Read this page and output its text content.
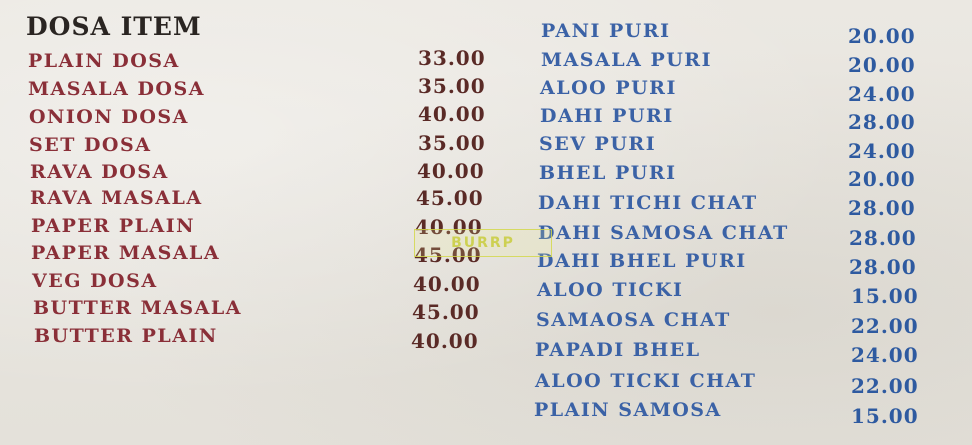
DOSA ITEM
PLAIN DOSA	33.00
MASALA DOSA	35.00
ONION DOSA	40.00
SET DOSA	35.00
RAVA DOSA	40.00
RAVA MASALA	45.00
PAPER PLAIN	40.00
PAPER MASALA	45.00
VEG DOSA	40.00
BUTTER MASALA	45.00
BUTTER PLAIN	40.00
PANI PURI	20.00
MASALA PURI	20.00
ALOO PURI	24.00
DAHI PURI	28.00
SEV PURI	24.00
BHEL PURI	20.00
DAHI TICHI CHAT	28.00
DAHI SAMOSA CHAT	28.00
DAHI BHEL PURI	28.00
ALOO TICKI	15.00
SAMAOSA CHAT	22.00
PAPADI BHEL	24.00
ALOO TICKI CHAT	22.00
PLAIN SAMOSA	15.00
BURRP
